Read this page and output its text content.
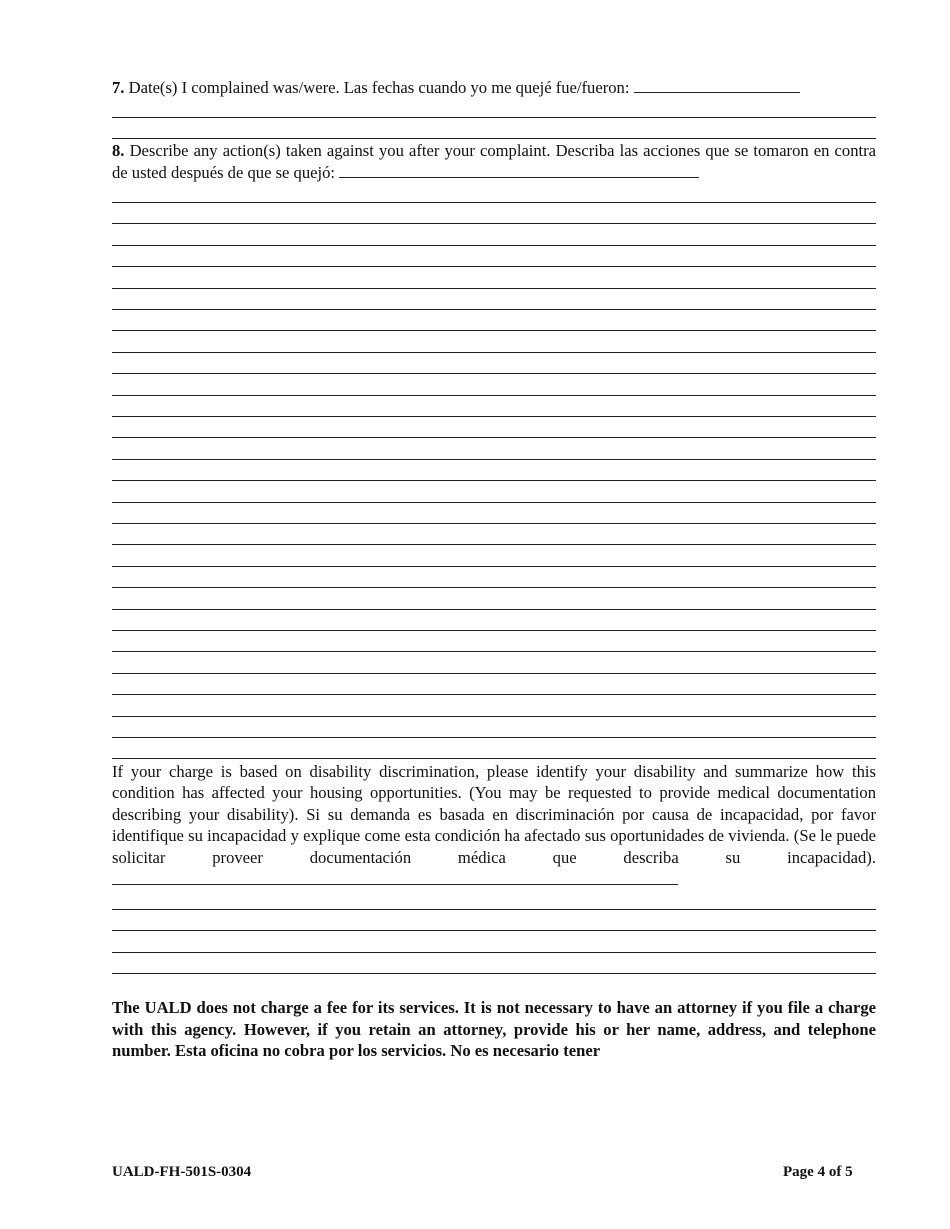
7. Date(s) I complained was/were. Las fechas cuando yo me quejé fue/fueron:
8. Describe any action(s) taken against you after your complaint. Describa las acciones que se tomaron en contra de usted después de que se quejó:
If your charge is based on disability discrimination, please identify your disability and summarize how this condition has affected your housing opportunities. (You may be requested to provide medical documentation describing your disability). Si su demanda es basada en discriminación por causa de incapacidad, por favor identifique su incapacidad y explique come esta condición ha afectado sus oportunidades de vivienda. (Se le puede solicitar proveer documentación médica que describa su incapacidad).
The UALD does not charge a fee for its services. It is not necessary to have an attorney if you file a charge with this agency. However, if you retain an attorney, provide his or her name, address, and telephone number. Esta oficina no cobra por los servicios. No es necesario tener
UALD-FH-501S-0304	Page 4 of 5
